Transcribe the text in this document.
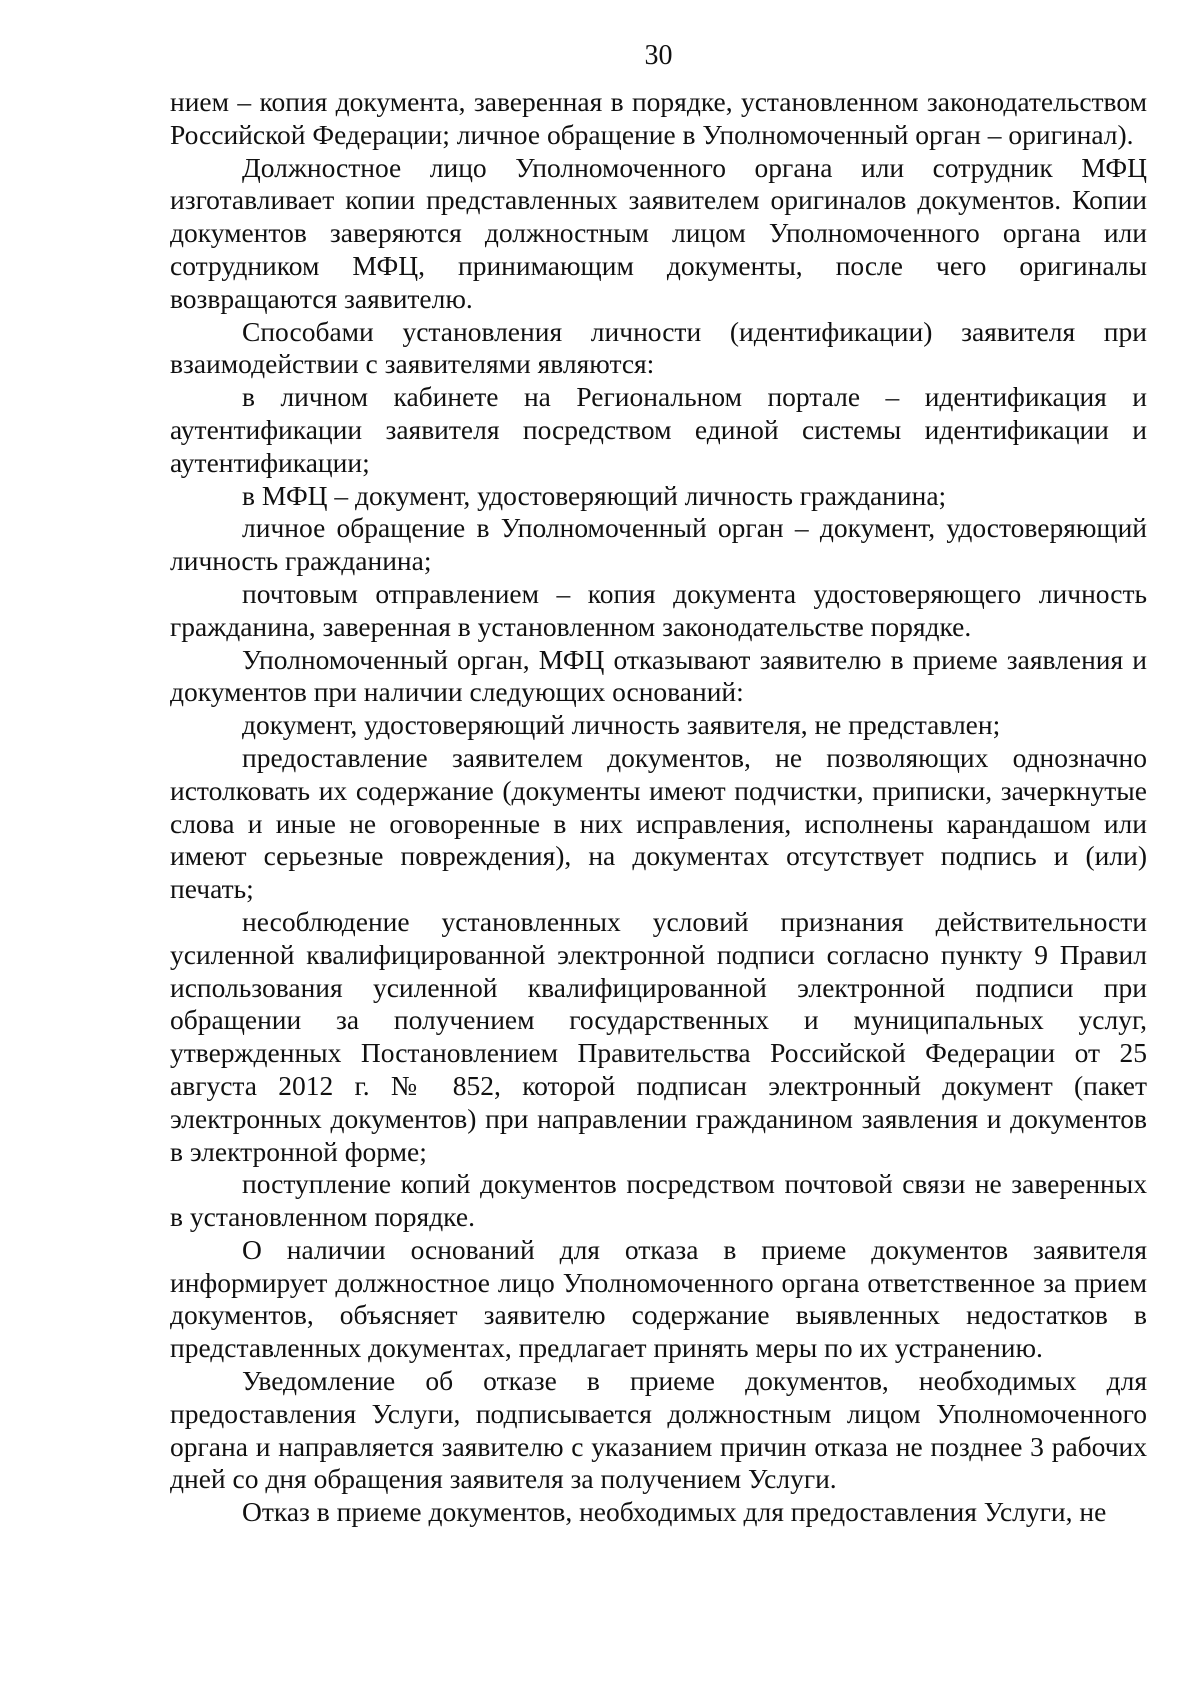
30

нием – копия документа, заверенная в порядке, установленном законодательством Российской Федерации; личное обращение в Уполномоченный орган – оригинал).

Должностное лицо Уполномоченного органа или сотрудник МФЦ изготавливает копии представленных заявителем оригиналов документов. Копии документов заверяются должностным лицом Уполномоченного органа или сотрудником МФЦ, принимающим документы, после чего оригиналы возвращаются заявителю.

Способами установления личности (идентификации) заявителя при взаимодействии с заявителями являются:

в личном кабинете на Региональном портале – идентификация и аутентификации заявителя посредством единой системы идентификации и аутентификации;

в МФЦ – документ, удостоверяющий личность гражданина;

личное обращение в Уполномоченный орган – документ, удостоверяющий личность гражданина;

почтовым отправлением – копия документа удостоверяющего личность гражданина, заверенная в установленном законодательстве порядке.

Уполномоченный орган, МФЦ отказывают заявителю в приеме заявления и документов при наличии следующих оснований:

документ, удостоверяющий личность заявителя, не представлен;

предоставление заявителем документов, не позволяющих однозначно истолковать их содержание (документы имеют подчистки, приписки, зачеркнутые слова и иные не оговоренные в них исправления, исполнены карандашом или имеют серьезные повреждения), на документах отсутствует подпись и (или) печать;

несоблюдение установленных условий признания действительности усиленной квалифицированной электронной подписи согласно пункту 9 Правил использования усиленной квалифицированной электронной подписи при обращении за получением государственных и муниципальных услуг, утвержденных Постановлением Правительства Российской Федерации от 25 августа 2012 г. № 852, которой подписан электронный документ (пакет электронных документов) при направлении гражданином заявления и документов в электронной форме;

поступление копий документов посредством почтовой связи не заверенных в установленном порядке.

О наличии оснований для отказа в приеме документов заявителя информирует должностное лицо Уполномоченного органа ответственное за прием документов, объясняет заявителю содержание выявленных недостатков в представленных документах, предлагает принять меры по их устранению.

Уведомление об отказе в приеме документов, необходимых для предоставления Услуги, подписывается должностным лицом Уполномоченного органа и направляется заявителю с указанием причин отказа не позднее 3 рабочих дней со дня обращения заявителя за получением Услуги.

Отказ в приеме документов, необходимых для предоставления Услуги, не
